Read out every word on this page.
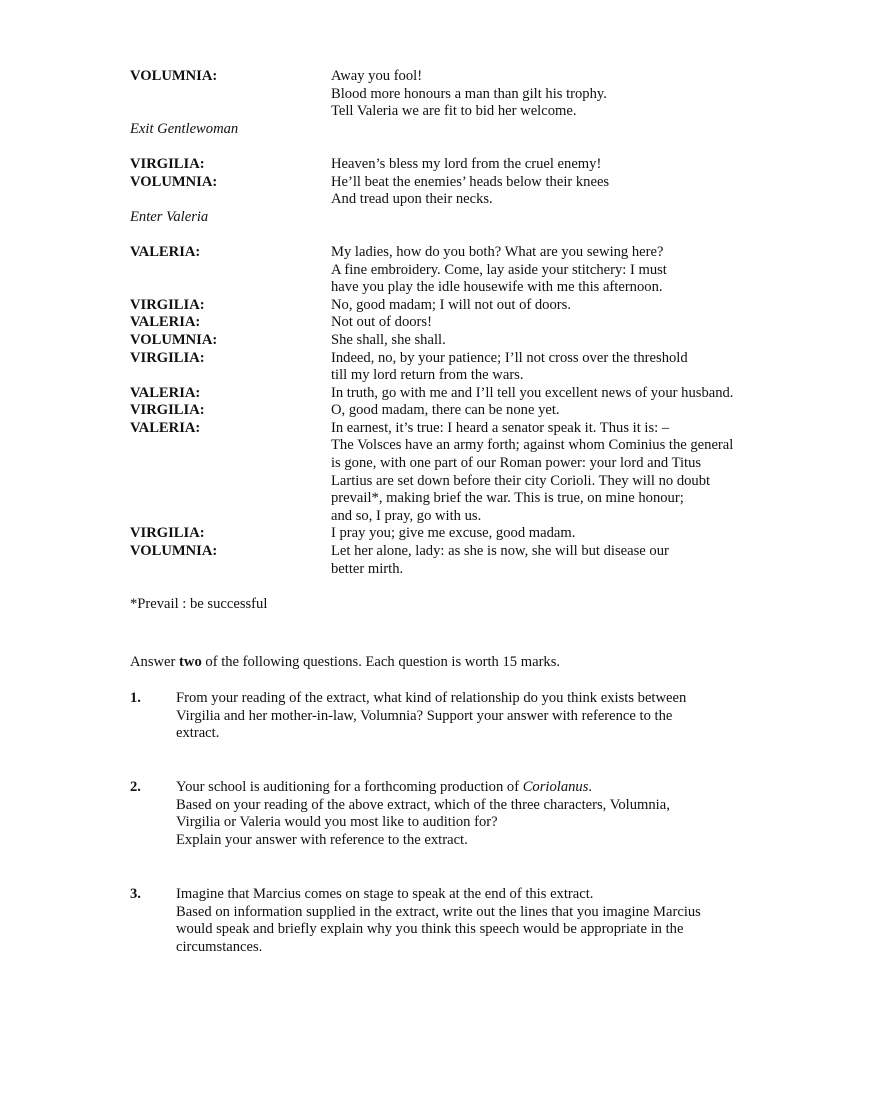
VOLUMNIA:	Away you fool!
Blood more honours a man than gilt his trophy.
Tell Valeria we are fit to bid her welcome.
Exit Gentlewoman
VIRGILIA:	Heaven’s bless my lord from the cruel enemy!
VOLUMNIA:	He’ll beat the enemies’ heads below their knees
And tread upon their necks.
Enter Valeria
VALERIA:	My ladies, how do you both? What are you sewing here?
A fine embroidery. Come, lay aside your stitchery: I must
have you play the idle housewife with me this afternoon.
VIRGILIA:	No, good madam; I will not out of doors.
VALERIA:	Not out of doors!
VOLUMNIA:	She shall, she shall.
VIRGILIA:	Indeed, no, by your patience; I’ll not cross over the threshold
till my lord return from the wars.
VALERIA:	In truth, go with me and I’ll tell you excellent news of your husband.
VIRGILIA:	O, good madam, there can be none yet.
VALERIA:	In earnest, it’s true: I heard a senator speak it. Thus it is: –
The Volsces have an army forth; against whom Cominius the general
is gone, with one part of our Roman power: your lord and Titus
Lartius are set down before their city Corioli. They will no doubt
prevail*, making brief the war. This is true, on mine honour;
and so, I pray, go with us.
VIRGILIA:	I pray you; give me excuse, good madam.
VOLUMNIA:	Let her alone, lady: as she is now, she will but disease our
better mirth.
*Prevail : be successful
Answer two of the following questions. Each question is worth 15 marks.
1. From your reading of the extract, what kind of relationship do you think exists between
Virgilia and her mother-in-law, Volumnia? Support your answer with reference to the
extract.
2. Your school is auditioning for a forthcoming production of Coriolanus.
Based on your reading of the above extract, which of the three characters, Volumnia,
Virgilia or Valeria would you most like to audition for?
Explain your answer with reference to the extract.
3. Imagine that Marcius comes on stage to speak at the end of this extract.
Based on information supplied in the extract, write out the lines that you imagine Marcius
would speak and briefly explain why you think this speech would be appropriate in the
circumstances.
